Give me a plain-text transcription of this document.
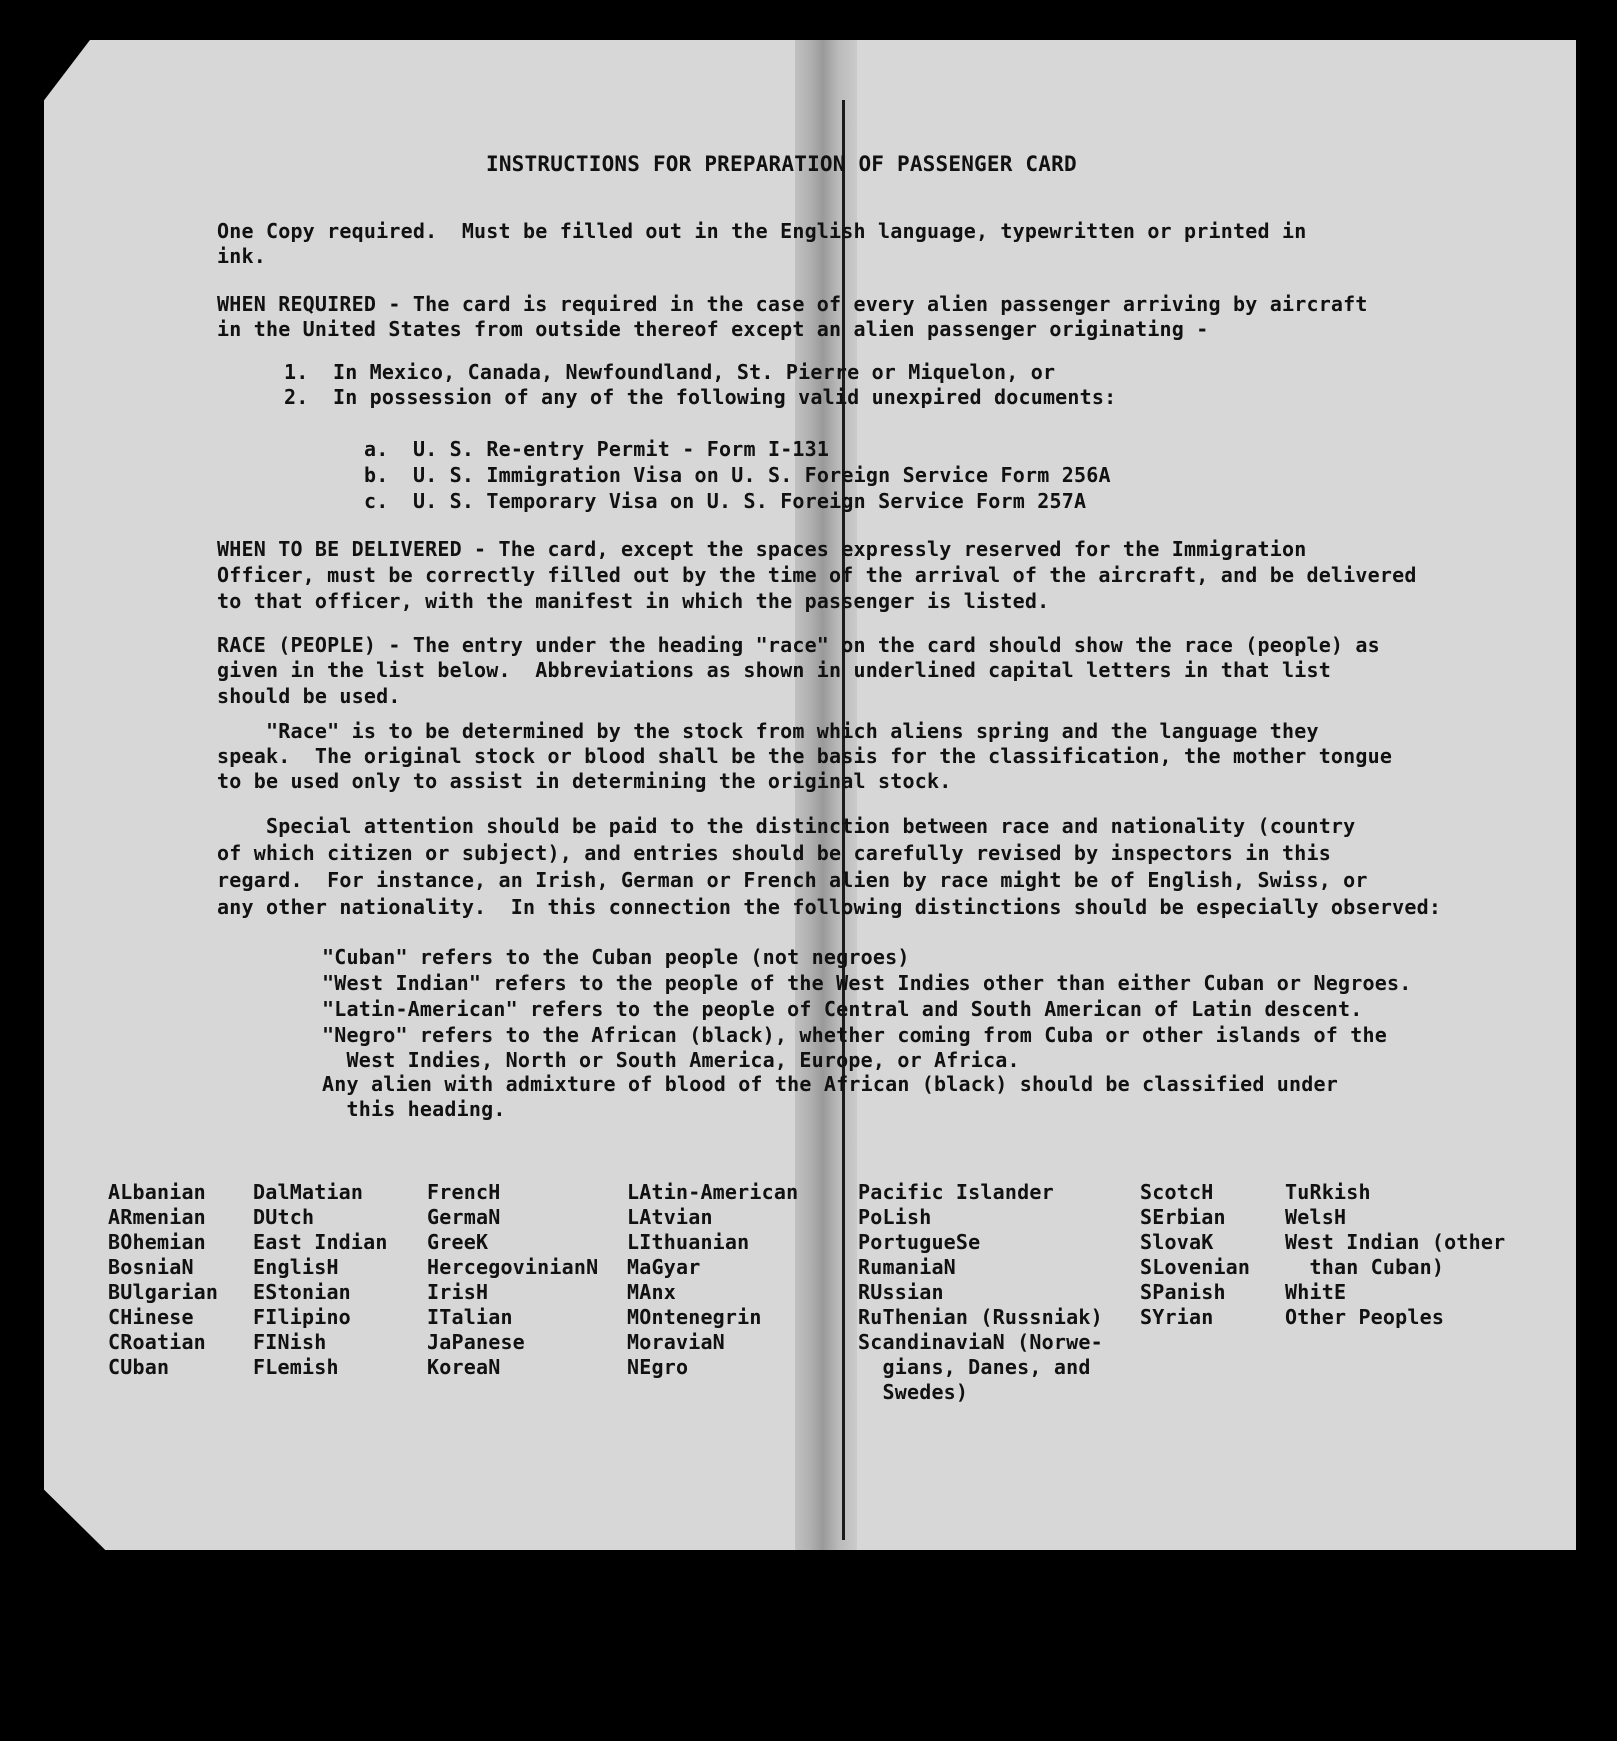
INSTRUCTIONS FOR PREPARATION OF PASSENGER CARD
One Copy required.  Must be filled out in the English language, typewritten or printed in
ink.
WHEN REQUIRED - The card is required in the case of every alien passenger arriving by aircraft
in the United States from outside thereof except an alien passenger originating -
1.  In Mexico, Canada, Newfoundland, St. Pierre or Miquelon, or
2.  In possession of any of the following valid unexpired documents:
a.  U. S. Re-entry Permit - Form I-131
b.  U. S. Immigration Visa on U. S. Foreign Service Form 256A
c.  U. S. Temporary Visa on U. S. Foreign Service Form 257A
WHEN TO BE DELIVERED - The card, except the spaces expressly reserved for the Immigration
Officer, must be correctly filled out by the time of the arrival of the aircraft, and be delivered
to that officer, with the manifest in which the passenger is listed.
RACE (PEOPLE) - The entry under the heading "race" on the card should show the race (people) as
given in the list below.  Abbreviations as shown in underlined capital letters in that list
should be used.
"Race" is to be determined by the stock from which aliens spring and the language they
speak.  The original stock or blood shall be the basis for the classification, the mother tongue
to be used only to assist in determining the original stock.
Special attention should be paid to the distinction between race and nationality (country
of which citizen or subject), and entries should be carefully revised by inspectors in this
regard.  For instance, an Irish, German or French alien by race might be of English, Swiss, or
any other nationality.  In this connection the following distinctions should be especially observed:
"Cuban" refers to the Cuban people (not negroes)
"West Indian" refers to the people of the West Indies other than either Cuban or Negroes.
"Latin-American" refers to the people of Central and South American of Latin descent.
"Negro" refers to the African (black), whether coming from Cuba or other islands of the
West Indies, North or South America, Europe, or Africa.
Any alien with admixture of blood of the African (black) should be classified under
this heading.
ALbanian
ARmenian
BOhemian
BosniaN
BUlgarian
CHinese
CRoatian
CUban
DalMatian
DUtch
East Indian
EnglisH
EStonian
FIlipino
FINish
FLemish
FrencH
GermaN
GreeK
HercegovinianN
IrisH
ITalian
JaPanese
KoreaN
LAtin-American
LAtvian
LIthuanian
MaGyar
MAnx
MOntenegrin
MoraviaN
NEgro
Pacific Islander
PoLish
PortugueSe
RumaniaN
RUssian
RuThenian (Russniak)
ScandinaviaN (Norwe-
gians, Danes, and
Swedes)
ScotcH
SErbian
SlovaK
SLovenian
SPanish
SYrian
TuRkish
WelsH
West Indian (other
than Cuban)
WhitE
Other Peoples
